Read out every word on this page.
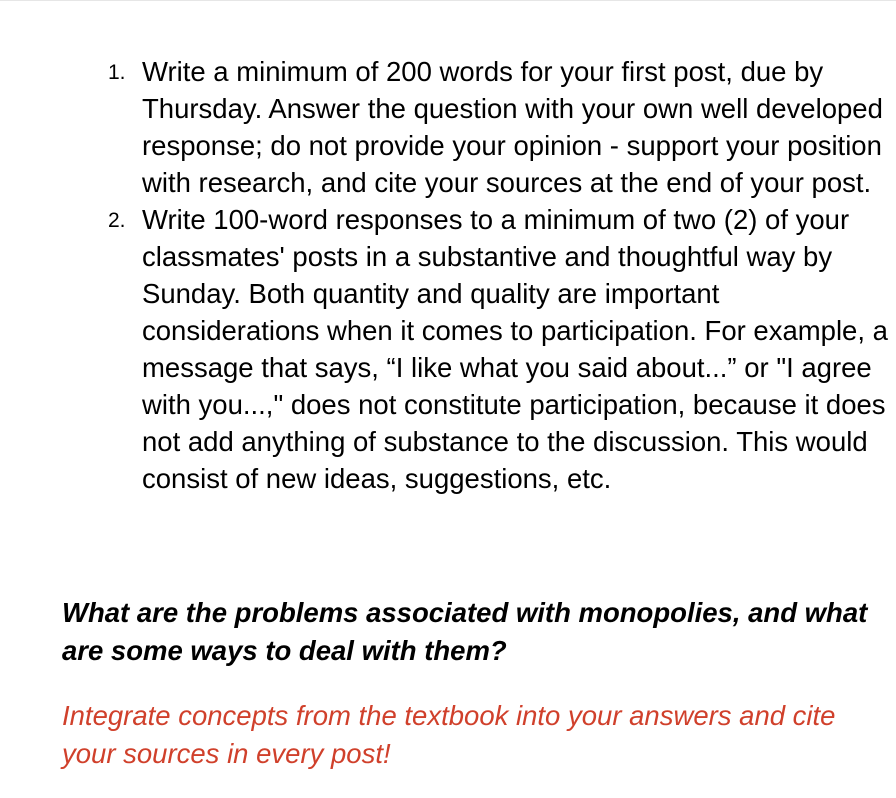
1. Write a minimum of 200 words for your first post, due by Thursday. Answer the question with your own well developed response; do not provide your opinion - support your position with research, and cite your sources at the end of your post.
2. Write 100-word responses to a minimum of two (2) of your classmates' posts in a substantive and thoughtful way by Sunday. Both quantity and quality are important considerations when it comes to participation. For example, a message that says, “I like what you said about...” or "I agree with you...," does not constitute participation, because it does not add anything of substance to the discussion. This would consist of new ideas, suggestions, etc.

What are the problems associated with monopolies, and what are some ways to deal with them?

Integrate concepts from the textbook into your answers and cite your sources in every post!
